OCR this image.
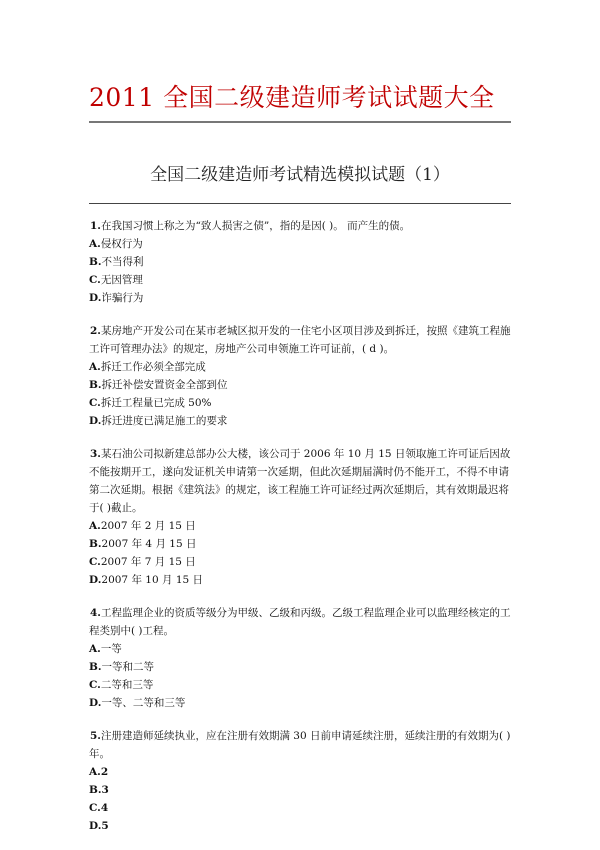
2011 全国二级建造师考试试题大全
全国二级建造师考试精选模拟试题（1）
1.在我国习惯上称之为“致人损害之债”，指的是因( )。 而产生的债。
A.侵权行为
B.不当得利
C.无因管理
D.诈骗行为
2.某房地产开发公司在某市老城区拟开发的一住宅小区项目涉及到拆迁，按照《建筑工程施工许可管理办法》的规定，房地产公司申领施工许可证前，( d )。
A.拆迁工作必须全部完成
B.拆迁补偿安置资金全部到位
C.拆迁工程量已完成 50%
D.拆迁进度已满足施工的要求
3.某石油公司拟新建总部办公大楼，该公司于 2006 年 10 月 15 日领取施工许可证后因故不能按期开工，遂向发证机关申请第一次延期，但此次延期届满时仍不能开工，不得不申请第二次延期。根据《建筑法》的规定，该工程施工许可证经过两次延期后，其有效期最迟将于( )截止。
A.2007 年 2 月 15 日
B.2007 年 4 月 15 日
C.2007 年 7 月 15 日
D.2007 年 10 月 15 日
4.工程监理企业的资质等级分为甲级、乙级和丙级。乙级工程监理企业可以监理经核定的工程类别中( )工程。
A.一等
B.一等和二等
C.二等和三等
D.一等、二等和三等
5.注册建造师延续执业，应在注册有效期满 30 日前申请延续注册，延续注册的有效期为( )年。
A.2
B.3
C.4
D.5
